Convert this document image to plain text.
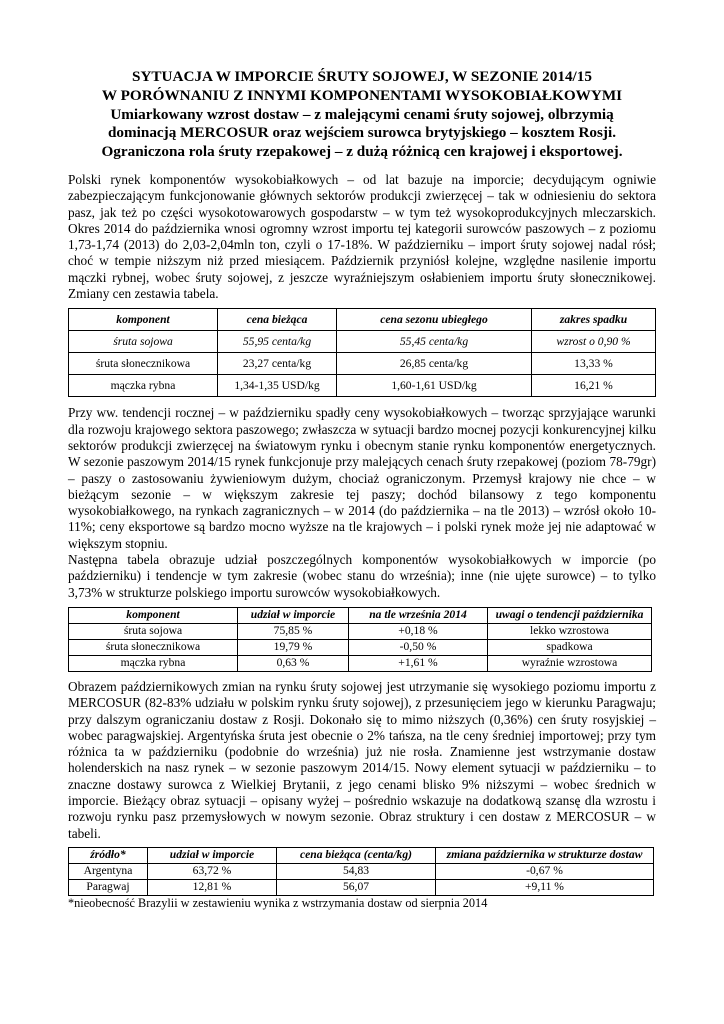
SYTUACJA W IMPORCIE ŚRUTY SOJOWEJ, W SEZONIE 2014/15

W PORÓWNANIU Z INNYMI KOMPONENTAMI WYSOKOBIAŁKOWYMI

Umiarkowany wzrost dostaw – z malejącymi cenami śruty sojowej, olbrzymią

dominacją MERCOSUR oraz wejściem surowca brytyjskiego – kosztem Rosji.

Ograniczona rola śruty rzepakowej – z dużą różnicą cen krajowej i eksportowej.

Polski rynek komponentów wysokobiałkowych – od lat bazuje na imporcie; decydującym ogniwie zabezpieczającym funkcjonowanie głównych sektorów produkcji zwierzęcej – tak w odniesieniu do sektora pasz, jak też po części wysokotowarowych gospodarstw – w tym też wysokoprodukcyjnych mleczarskich. Okres 2014 do października wnosi ogromny wzrost importu tej kategorii surowców paszowych – z poziomu 1,73-1,74 (2013) do 2,03-2,04mln ton, czyli o 17-18%. W październiku – import śruty sojowej nadal rósł; choć w tempie niższym niż przed miesiącem. Październik przyniósł kolejne, względne nasilenie importu mączki rybnej, wobec śruty sojowej, z jeszcze wyraźniejszym osłabieniem importu śruty słonecznikowej. Zmiany cen zestawia tabela.

komponent	cena bieżąca	cena sezonu ubiegłego	zakres spadku
śruta sojowa	55,95 centa/kg	55,45 centa/kg	wzrost o 0,90 %
śruta słonecznikowa	23,27 centa/kg	26,85 centa/kg	13,33 %
mączka rybna	1,34-1,35 USD/kg	1,60-1,61 USD/kg	16,21 %

Przy ww. tendencji rocznej – w październiku spadły ceny wysokobiałkowych – tworząc sprzyjające warunki dla rozwoju krajowego sektora paszowego; zwłaszcza w sytuacji bardzo mocnej pozycji konkurencyjnej kilku sektorów produkcji zwierzęcej na światowym rynku i obecnym stanie rynku komponentów energetycznych. W sezonie paszowym 2014/15 rynek funkcjonuje przy malejących cenach śruty rzepakowej (poziom 78-79gr) – paszy o zastosowaniu żywieniowym dużym, chociaż ograniczonym. Przemysł krajowy nie chce – w bieżącym sezonie – w większym zakresie tej paszy; dochód bilansowy z tego komponentu wysokobiałkowego, na rynkach zagranicznych – w 2014 (do października – na tle 2013) – wzrósł około 10-11%; ceny eksportowe są bardzo mocno wyższe na tle krajowych – i polski rynek może jej nie adaptować w większym stopniu.

Następna tabela obrazuje udział poszczególnych komponentów wysokobiałkowych w imporcie (po październiku) i tendencje w tym zakresie (wobec stanu do września); inne (nie ujęte surowce) – to tylko 3,73% w strukturze polskiego importu surowców wysokobiałkowych.

komponent	udział w imporcie	na tle września 2014	uwagi o tendencji października
śruta sojowa	75,85 %	+0,18 %	lekko wzrostowa
śruta słonecznikowa	19,79 %	-0,50 %	spadkowa
mączka rybna	0,63 %	+1,61 %	wyraźnie wzrostowa

Obrazem październikowych zmian na rynku śruty sojowej jest utrzymanie się wysokiego poziomu importu z MERCOSUR (82-83% udziału w polskim rynku śruty sojowej), z przesunięciem jego w kierunku Paragwaju; przy dalszym ograniczaniu dostaw z Rosji. Dokonało się to mimo niższych (0,36%) cen śruty rosyjskiej – wobec paragwajskiej. Argentyńska śruta jest obecnie o 2% tańsza, na tle ceny średniej importowej; przy tym różnica ta w październiku (podobnie do września) już nie rosła. Znamienne jest wstrzymanie dostaw holenderskich na nasz rynek – w sezonie paszowym 2014/15. Nowy element sytuacji w październiku – to znaczne dostawy surowca z Wielkiej Brytanii, z jego cenami blisko 9% niższymi – wobec średnich w imporcie. Bieżący obraz sytuacji – opisany wyżej – pośrednio wskazuje na dodatkową szansę dla wzrostu i rozwoju rynku pasz przemysłowych w nowym sezonie. Obraz struktury i cen dostaw z MERCOSUR – w tabeli.

źródło*	udział w imporcie	cena bieżąca (centa/kg)	zmiana października w strukturze dostaw
Argentyna	63,72 %	54,83	-0,67 %
Paragwaj	12,81 %	56,07	+9,11 %

*nieobecność Brazylii w zestawieniu wynika z wstrzymania dostaw od sierpnia 2014
